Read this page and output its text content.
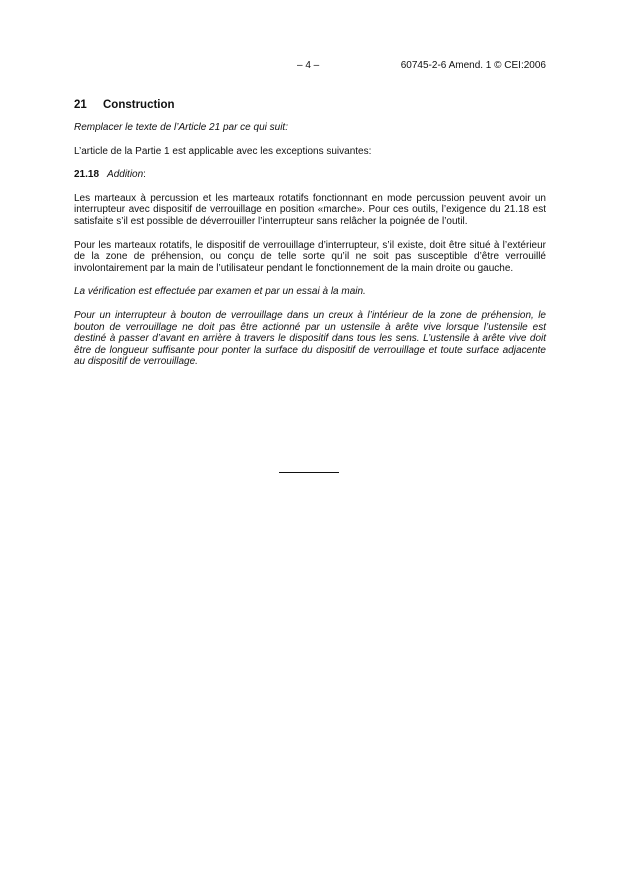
– 4 –	60745-2-6 Amend. 1 © CEI:2006
21 Construction

Remplacer le texte de l’Article 21 par ce qui suit:

L’article de la Partie 1 est applicable avec les exceptions suivantes:

21.18 Addition:

Les marteaux à percussion et les marteaux rotatifs fonctionnant en mode percussion peuvent avoir un interrupteur avec dispositif de verrouillage en position «marche». Pour ces outils, l’exigence du 21.18 est satisfaite s’il est possible de déverrouiller l’interrupteur sans relâcher la poignée de l’outil.

Pour les marteaux rotatifs, le dispositif de verrouillage d’interrupteur, s’il existe, doit être situé à l’extérieur de la zone de préhension, ou conçu de telle sorte qu’il ne soit pas susceptible d’être verrouillé involontairement par la main de l’utilisateur pendant le fonctionnement de la main droite ou gauche.

La vérification est effectuée par examen et par un essai à la main.

Pour un interrupteur à bouton de verrouillage dans un creux à l’intérieur de la zone de préhension, le bouton de verrouillage ne doit pas être actionné par un ustensile à arête vive lorsque l’ustensile est destiné à passer d’avant en arrière à travers le dispositif dans tous les sens. L’ustensile à arête vive doit être de longueur suffisante pour ponter la surface du dispositif de verrouillage et toute surface adjacente au dispositif de verrouillage.
